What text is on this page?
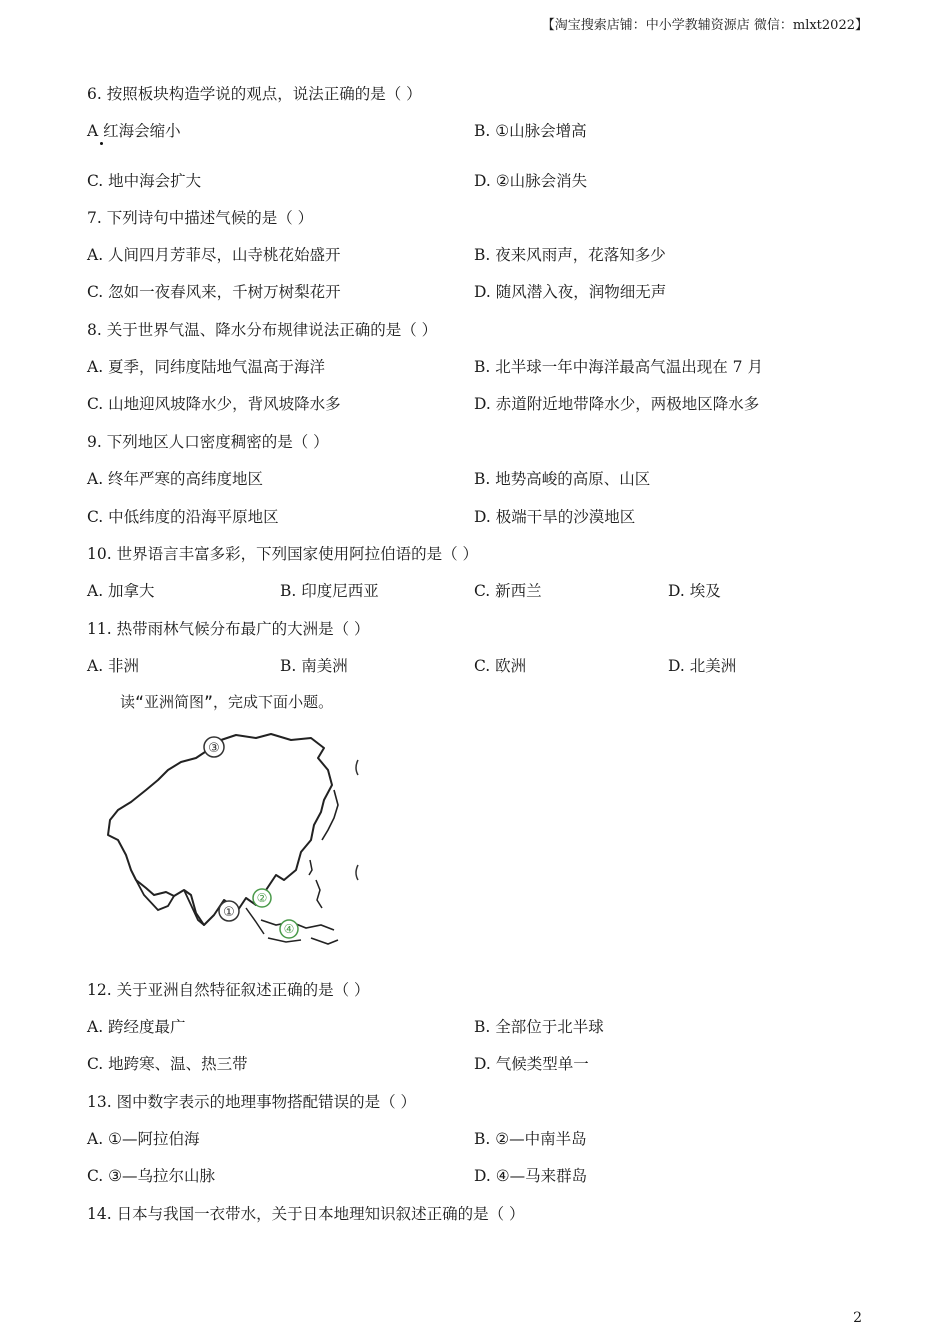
【淘宝搜索店铺：中小学教辅资源店 微信：mlxt2022】
6. 按照板块构造学说的观点，说法正确的是（ ）
A 红海会缩小	B. ①山脉会增高
C. 地中海会扩大	D. ②山脉会消失
7. 下列诗句中描述气候的是（ ）
A. 人间四月芳菲尽，山寺桃花始盛开	B. 夜来风雨声，花落知多少
C. 忽如一夜春风来，千树万树梨花开	D. 随风潜入夜，润物细无声
8. 关于世界气温、降水分布规律说法正确的是（ ）
A. 夏季，同纬度陆地气温高于海洋	B. 北半球一年中海洋最高气温出现在 7 月
C. 山地迎风坡降水少，背风坡降水多	D. 赤道附近地带降水少，两极地区降水多
9. 下列地区人口密度稠密的是（ ）
A. 终年严寒的高纬度地区	B. 地势高峻的高原、山区
C. 中低纬度的沿海平原地区	D. 极端干旱的沙漠地区
10. 世界语言丰富多彩，下列国家使用阿拉伯语的是（ ）
A. 加拿大	B. 印度尼西亚	C. 新西兰	D. 埃及
11. 热带雨林气候分布最广的大洲是（ ）
A. 非洲	B. 南美洲	C. 欧洲	D. 北美洲
读“亚洲简图”，完成下面小题。
③
②
①
④
12. 关于亚洲自然特征叙述正确的是（ ）
A. 跨经度最广	B. 全部位于北半球
C. 地跨寒、温、热三带	D. 气候类型单一
13. 图中数字表示的地理事物搭配错误的是（ ）
A. ①—阿拉伯海	B. ②—中南半岛
C. ③—乌拉尔山脉	D. ④—马来群岛
14. 日本与我国一衣带水，关于日本地理知识叙述正确的是（ ）
2
